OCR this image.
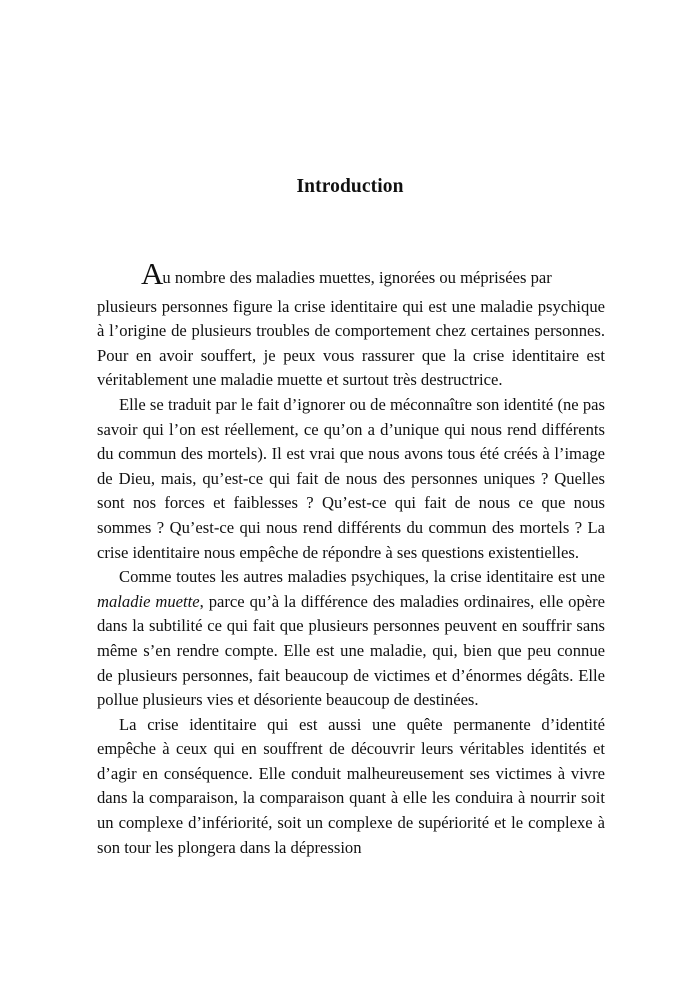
Introduction

Au nombre des maladies muettes, ignorées ou méprisées par plusieurs personnes figure la crise identitaire qui est une maladie psychique à l’origine de plusieurs troubles de comportement chez certaines personnes. Pour en avoir souffert, je peux vous rassurer que la crise identitaire est véritablement une maladie muette et surtout très destructrice.

Elle se traduit par le fait d’ignorer ou de méconnaître son identité (ne pas savoir qui l’on est réellement, ce qu’on a d’unique qui nous rend différents du commun des mortels). Il est vrai que nous avons tous été créés à l’image de Dieu, mais, qu’est-ce qui fait de nous des personnes uniques ? Quelles sont nos forces et faiblesses ? Qu’est-ce qui fait de nous ce que nous sommes ? Qu’est-ce qui nous rend différents du commun des mortels ? La crise identitaire nous empêche de répondre à ses questions existentielles.

Comme toutes les autres maladies psychiques, la crise identitaire est une maladie muette, parce qu’à la différence des maladies ordinaires, elle opère dans la subtilité ce qui fait que plusieurs personnes peuvent en souffrir sans même s’en rendre compte. Elle est une maladie, qui, bien que peu connue de plusieurs personnes, fait beaucoup de victimes et d’énormes dégâts. Elle pollue plusieurs vies et désoriente beaucoup de destinées.

La crise identitaire qui est aussi une quête permanente d’identité empêche à ceux qui en souffrent de découvrir leurs véritables identités et d’agir en conséquence. Elle conduit malheureusement ses victimes à vivre dans la comparaison, la comparaison quant à elle les conduira à nourrir soit un complexe d’infériorité, soit un complexe de supériorité et le complexe à son tour les plongera dans la dépression
